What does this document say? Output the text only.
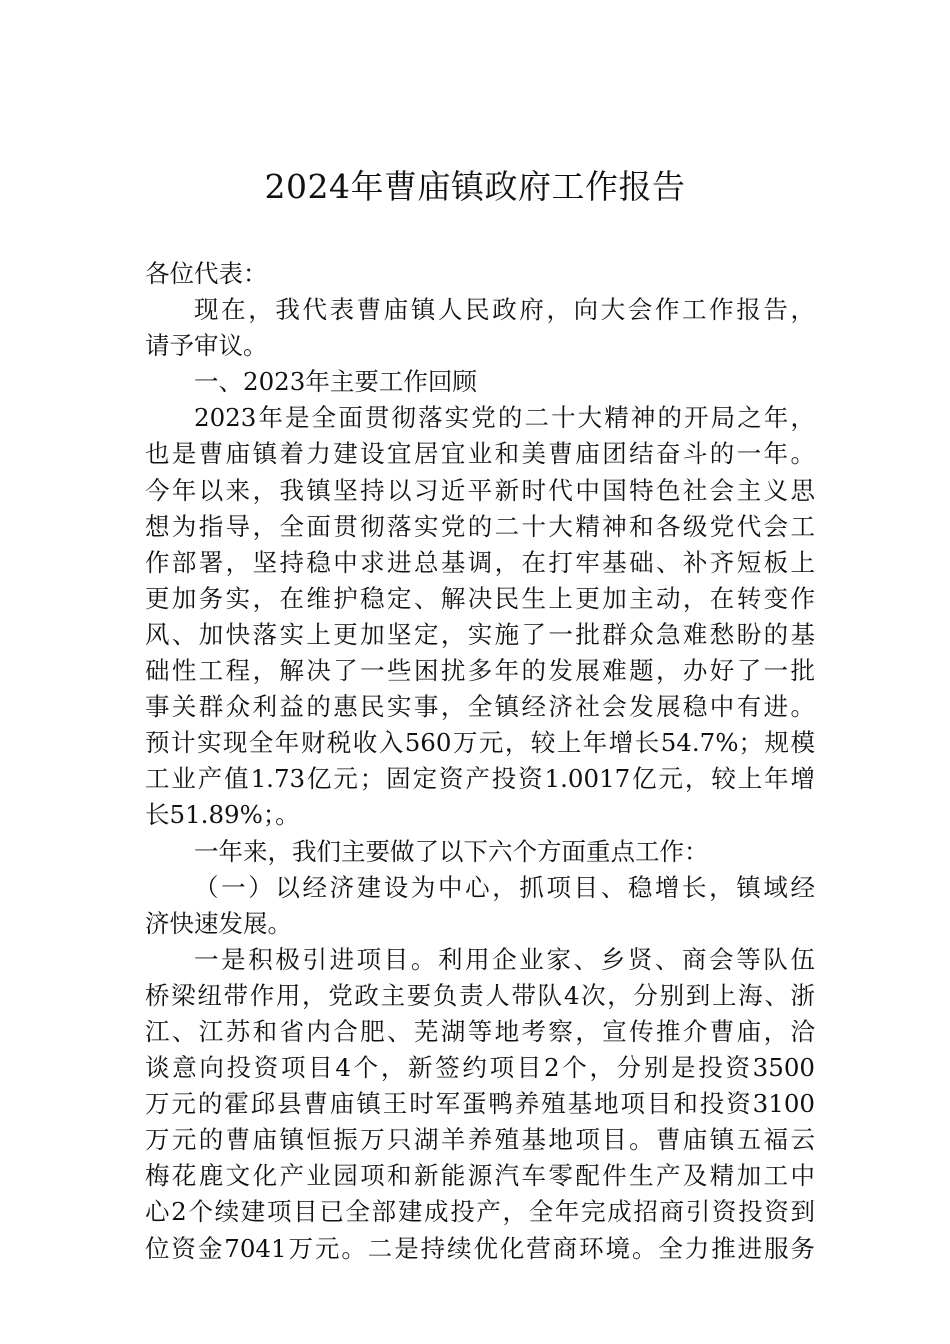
2024年曹庙镇政府工作报告
各位代表：
现在，我代表曹庙镇人民政府，向大会作工作报告，
请予审议。
一、2023年主要工作回顾
2023年是全面贯彻落实党的二十大精神的开局之年，
也是曹庙镇着力建设宜居宜业和美曹庙团结奋斗的一年。
今年以来，我镇坚持以习近平新时代中国特色社会主义思
想为指导，全面贯彻落实党的二十大精神和各级党代会工
作部署，坚持稳中求进总基调，在打牢基础、补齐短板上
更加务实，在维护稳定、解决民生上更加主动，在转变作
风、加快落实上更加坚定，实施了一批群众急难愁盼的基
础性工程，解决了一些困扰多年的发展难题，办好了一批
事关群众利益的惠民实事，全镇经济社会发展稳中有进。
预计实现全年财税收入560万元，较上年增长54.7%；规模
工业产值1.73亿元；固定资产投资1.0017亿元，较上年增
长51.89%；。
一年来，我们主要做了以下六个方面重点工作：
（一）以经济建设为中心，抓项目、稳增长，镇域经
济快速发展。
一是积极引进项目。利用企业家、乡贤、商会等队伍
桥梁纽带作用，党政主要负责人带队4次，分别到上海、浙
江、江苏和省内合肥、芜湖等地考察，宣传推介曹庙，洽
谈意向投资项目4个，新签约项目2个，分别是投资3500
万元的霍邱县曹庙镇王时军蛋鸭养殖基地项目和投资3100
万元的曹庙镇恒振万只湖羊养殖基地项目。曹庙镇五福云
梅花鹿文化产业园项和新能源汽车零配件生产及精加工中
心2个续建项目已全部建成投产，全年完成招商引资投资到
位资金7041万元。二是持续优化营商环境。全力推进服务
